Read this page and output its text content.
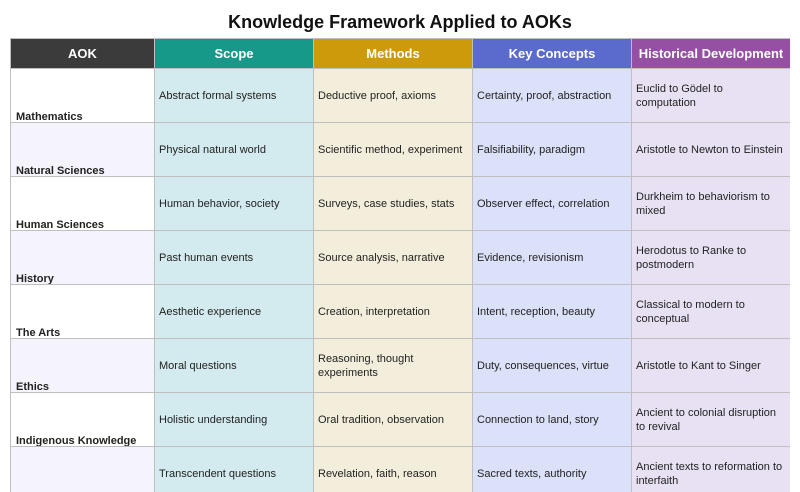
Knowledge Framework Applied to AOKs
AOK	Scope	Methods	Key Concepts	Historical Development

Mathematics	Abstract formal systems	Deductive proof, axioms	Certainty, proof, abstraction	Euclid to Gödel to computation

Natural Sciences	Physical natural world	Scientific method, experiment	Falsifiability, paradigm	Aristotle to Newton to Einstein

Human Sciences	Human behavior, society	Surveys, case studies, stats	Observer effect, correlation	Durkheim to behaviorism to mixed

History	Past human events	Source analysis, narrative	Evidence, revisionism	Herodotus to Ranke to postmodern

The Arts	Aesthetic experience	Creation, interpretation	Intent, reception, beauty	Classical to modern to conceptual

Ethics	Moral questions	Reasoning, thought experiments	Duty, consequences, virtue	Aristotle to Kant to Singer

Indigenous Knowledge	Holistic understanding	Oral tradition, observation	Connection to land, story	Ancient to colonial disruption to revival

	Transcendent questions	Revelation, faith, reason	Sacred texts, authority	Ancient texts to reformation to interfaith
